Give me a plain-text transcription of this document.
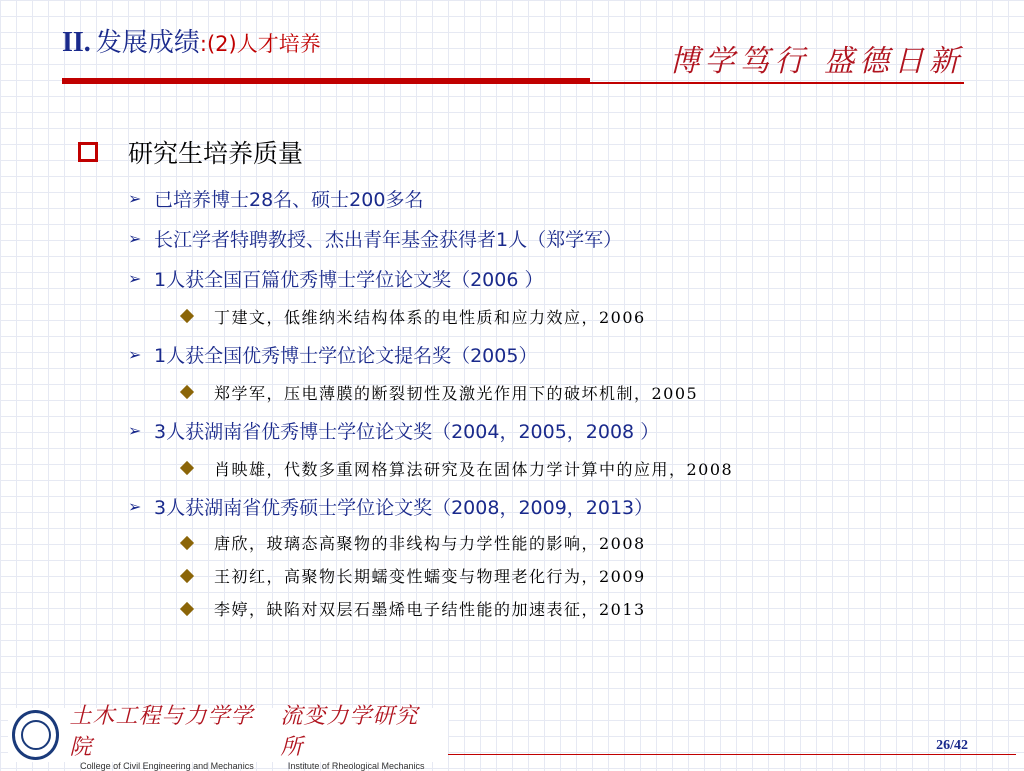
II. 发展成绩:(2)人才培养	博学笃行 盛德日新
研究生培养质量
➢ 已培养博士28名、硕士200多名
➢ 长江学者特聘教授、杰出青年基金获得者1人（郑学军）
➢ 1人获全国百篇优秀博士学位论文奖（2006 ）
丁建文，低维纳米结构体系的电性质和应力效应，2006
➢ 1人获全国优秀博士学位论文提名奖（2005）
郑学军，压电薄膜的断裂韧性及激光作用下的破坏机制，2005
➢ 3人获湖南省优秀博士学位论文奖（2004，2005，2008 ）
肖映雄，代数多重网格算法研究及在固体力学计算中的应用，2008
➢ 3人获湖南省优秀硕士学位论文奖（2008，2009，2013）
唐欣，玻璃态高聚物的非线构与力学性能的影响，2008
王初红，高聚物长期蠕变性蠕变与物理老化行为，2009
李婷，缺陷对双层石墨烯电子结性能的加速表征，2013
土木工程与力学学院
College of Civil Engineering and Mechanics
流变力学研究所
Institute of Rheological Mechanics
26/42
